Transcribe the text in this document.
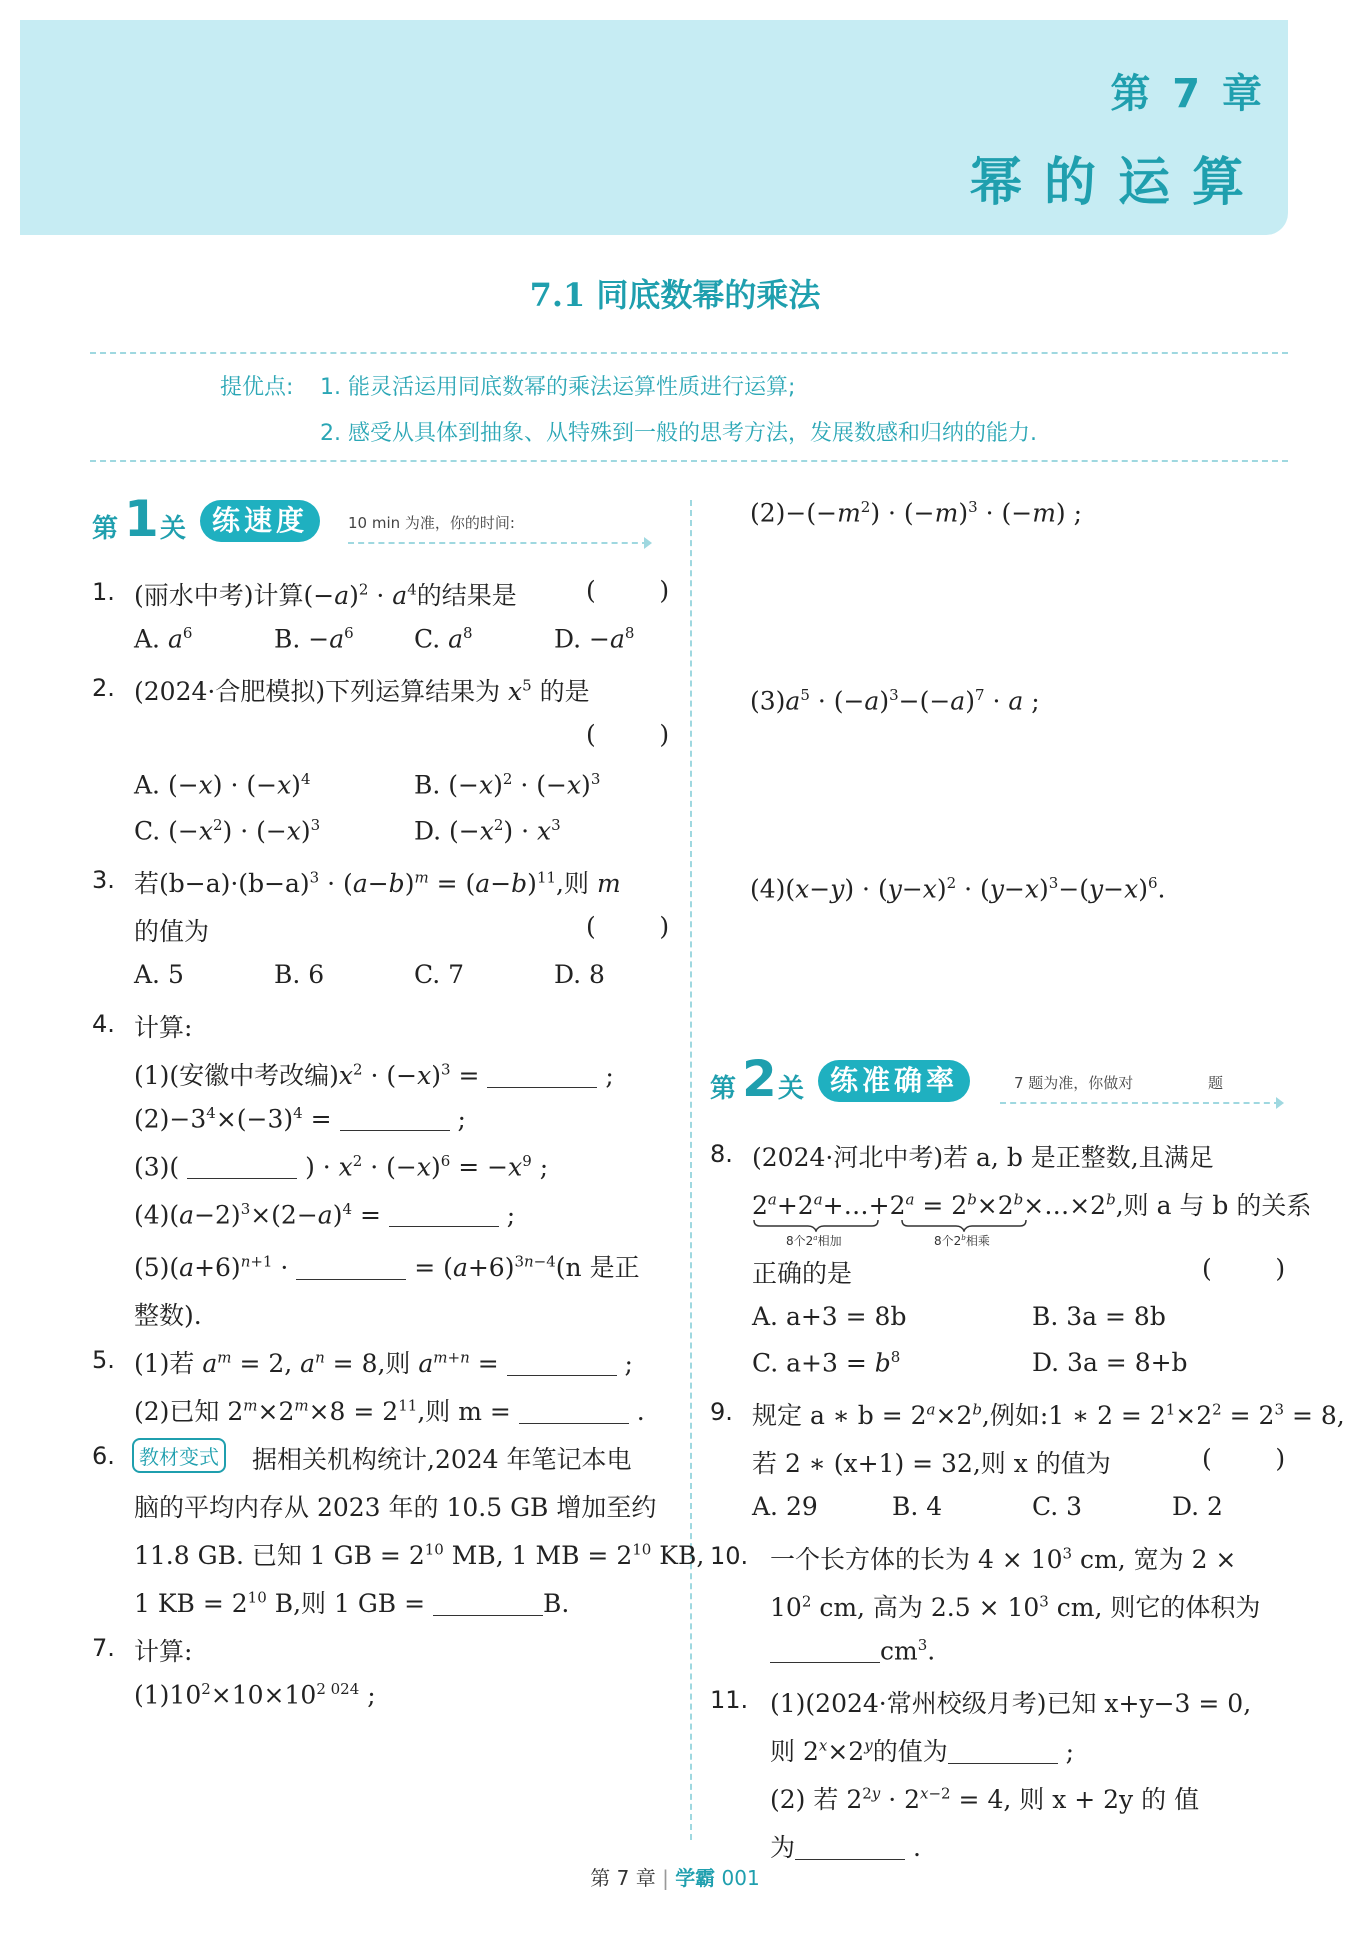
第 7 章
幂的运算
7.1 同底数幂的乘法
提优点: 1. 能灵活运用同底数幂的乘法运算性质进行运算;
2. 感受从具体到抽象、从特殊到一般的思考方法，发展数感和归纳的能力.
第 1 关 练速度	10 min 为准，你的时间:
1. (丽水中考)计算$(-a)^2 \cdot a^4$的结果是	(        )
A. $a^6$	B. $-a^6$ C. $a^8$	D. $-a^8$
2. (2024·合肥模拟)下列运算结果为 $x^5$ 的是
(        )
A. $(-x) \cdot (-x)^4$	B. $(-x)^2 \cdot (-x)^3$
C. $(-x^2) \cdot (-x)^3$	D. $(-x^2) \cdot x^3$
3. 若$(b-a)\cdot(b-a)^3 \cdot (a-b)^m = (a-b)^{11}$,则 m
的值为	(        )
A. 5	B. 6	C. 7	D. 8
4. 计算:
(1)(安徽中考改编)$x^2 \cdot (-x)^3$ =	;
$(2)-3^4\times(-3)^4$ =	;
(3)(	) · $x^2 \cdot (-x)^6 = -x^9$ ;
$(4)(a-2)^3\times(2-a)^4$ =	;
$(5)(a+6)^{n+1}$ ·	= $(a+6)^{3n-4}(n$ 是正
整数).
5. (1)若 $a^m = 2$, $a^n = 8$,则 $a^{m+n}$ =	;
(2)已知 $2^m\times 2^m\times 8 = 2^{11}$,则 m =	.
6.	教材变式 据相关机构统计,2024 年笔记本电
脑的平均内存从 2023 年的 10.5 GB 增加至约
11.8 GB. 已知 1 GB = $2^{10}$ MB, 1 MB = $2^{10}$ KB,
1 KB = $2^{10}$ B,则 1 GB =	B.
7. 计算:
$(1)10^2\times 10\times 10^{2 024}$ ;
$(2)-(-m^2) \cdot (-m)^3 \cdot (-m)$ ;
$(3)a^5 \cdot (-a)^3-(-a)^7 \cdot a$ ;
$(4)(x-y) \cdot (y-x)^2 \cdot (y-x)^3-(y-x)^6$.
第 2 关 练准确率	7 题为准，你做对	题
8. (2024·河北中考)若 a, b 是正整数,且满足
$2^a+2^a+\dots+2^a$ = $2^b\times 2^b\times\dots\times 2^b$,则 a 与 b 的关系
8个2$^a$相加	8个2$^b$相乘
正确的是	(        )
A. a+3 = 8b	B. 3a = 8b
C. $a+3 = b^8$	D. 3a = 8+b
9. 规定 a ∗ $b = 2^a\times 2^b$,例如:1 ∗ $2 = 2^1\times 2^2 = 2^3 = 8$,
若 2 ∗ (x+1) = 32,则 x 的值为	(        )
A. 29	B. 4	C. 3	D. 2
10. 一个长方体的长为 $4 \times 10^3$ cm, 宽为 2 ×
$10^2$ cm, 高为 $2.5 \times 10^3$ cm, 则它的体积为
$cm^3$.
11. (1)(2024·常州校级月考)已知 x+y−3 = 0,
则 $2^x\times 2^y$的值为	;
(2) 若 $2^{2y} \cdot 2^{x-2} = 4$, 则 x + 2y 的 值
为	.
第 7 章 | 学霸 001
